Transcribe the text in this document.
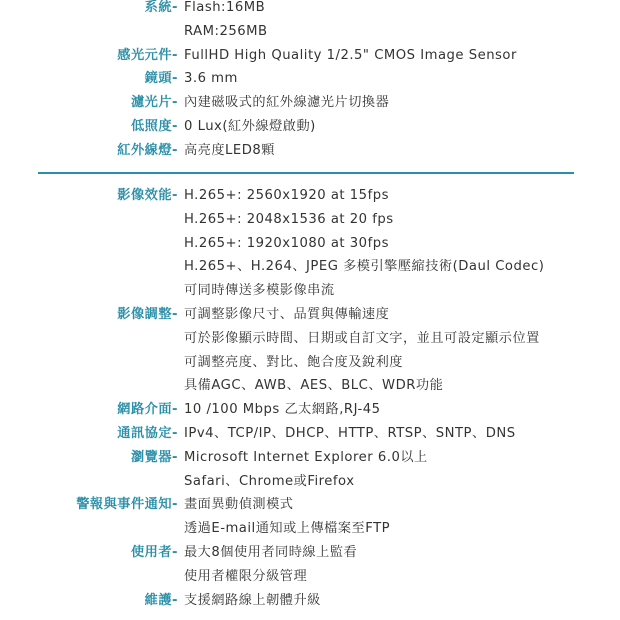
系統- Flash:16MB
RAM:256MB
感光元件- FullHD High Quality 1/2.5" CMOS Image Sensor
鏡頭- 3.6 mm
濾光片- 內建磁吸式的紅外線濾光片切換器
低照度- 0 Lux(紅外線燈啟動)
紅外線燈- 高亮度LED8顆
影像效能- H.265+: 2560x1920 at 15fps
H.265+: 2048x1536 at 20 fps
H.265+: 1920x1080 at 30fps
H.265+、H.264、JPEG 多模引擎壓縮技術(Daul Codec)
可同時傳送多模影像串流
影像調整- 可調整影像尺寸、品質與傳輸速度
可於影像顯示時間、日期或自訂文字，並且可設定顯示位置
可調整亮度、對比、飽合度及銳利度
具備AGC、AWB、AES、BLC、WDR功能
網路介面- 10 /100 Mbps 乙太網路,RJ-45
通訊協定- IPv4、TCP/IP、DHCP、HTTP、RTSP、SNTP、DNS
瀏覽器- Microsoft Internet Explorer 6.0以上
Safari、Chrome或Firefox
警報與事件通知- 畫面異動偵測模式
透過E-mail通知或上傳檔案至FTP
使用者- 最大8個使用者同時線上監看
使用者權限分級管理
維護- 支援網路線上韌體升級
